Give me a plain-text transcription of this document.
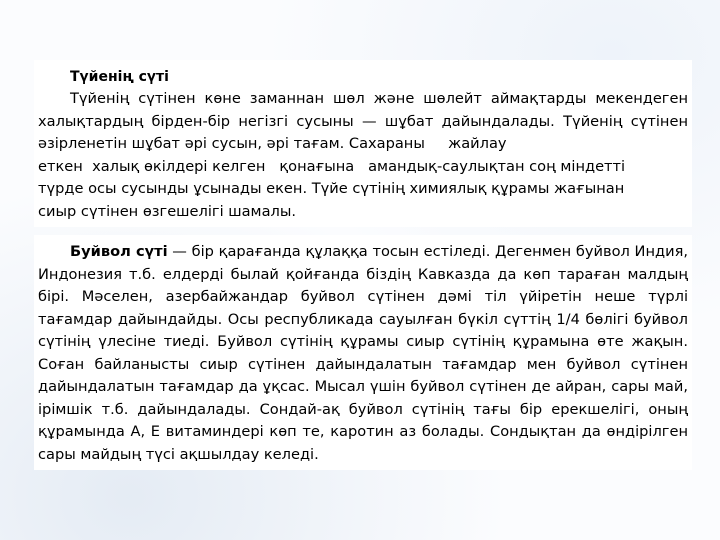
Түйенің сүті

Түйенің сүтінен көне заманнан шөл және шөлейт аймақтарды мекендеген халықтардың бірден-бір негізгі сусыны — шұбат дайындалады. Түйенің сүтінен әзірленетін шұбат әрі сусын, әрі тағам. Сахараны жайлау

еткен  халық өкілдері келген   қонағына   амандық-саулықтан соң міндетті

түрде осы сусынды ұсынады екен. Түйе сүтінің химиялық құрамы жағынан

сиыр сүтінен өзгешелігі шамалы.

Буйвол сүті — бір қарағанда құлаққа тосын естіледі. Дегенмен буйвол Индия, Индонезия т.б. елдерді былай қойғанда біздің Кавказда да көп тараған малдың бірі. Мәселен, азербайжандар буйвол сүтінен дәмі тіл үйіретін неше түрлі тағамдар дайындайды. Осы республикада сауылған бүкіл сүттің 1/4 бөлігі буйвол сүтінің үлесіне тиеді. Буйвол сүтінің құрамы сиыр сүтінің құрамына өте жақын. Соған байланысты сиыр сүтінен дайындалатын тағамдар мен буйвол сүтінен дайындалатын тағамдар да ұқсас. Мысал үшін буйвол сүтінен де айран, сары май, ірімшік т.б. дайындалады. Сондай-ақ буйвол сүтінің тағы бір ерекшелігі, оның құрамында А, Е витаминдері көп те, каротин аз болады. Сондықтан да өндірілген сары майдың түсі ақшылдау келеді.
